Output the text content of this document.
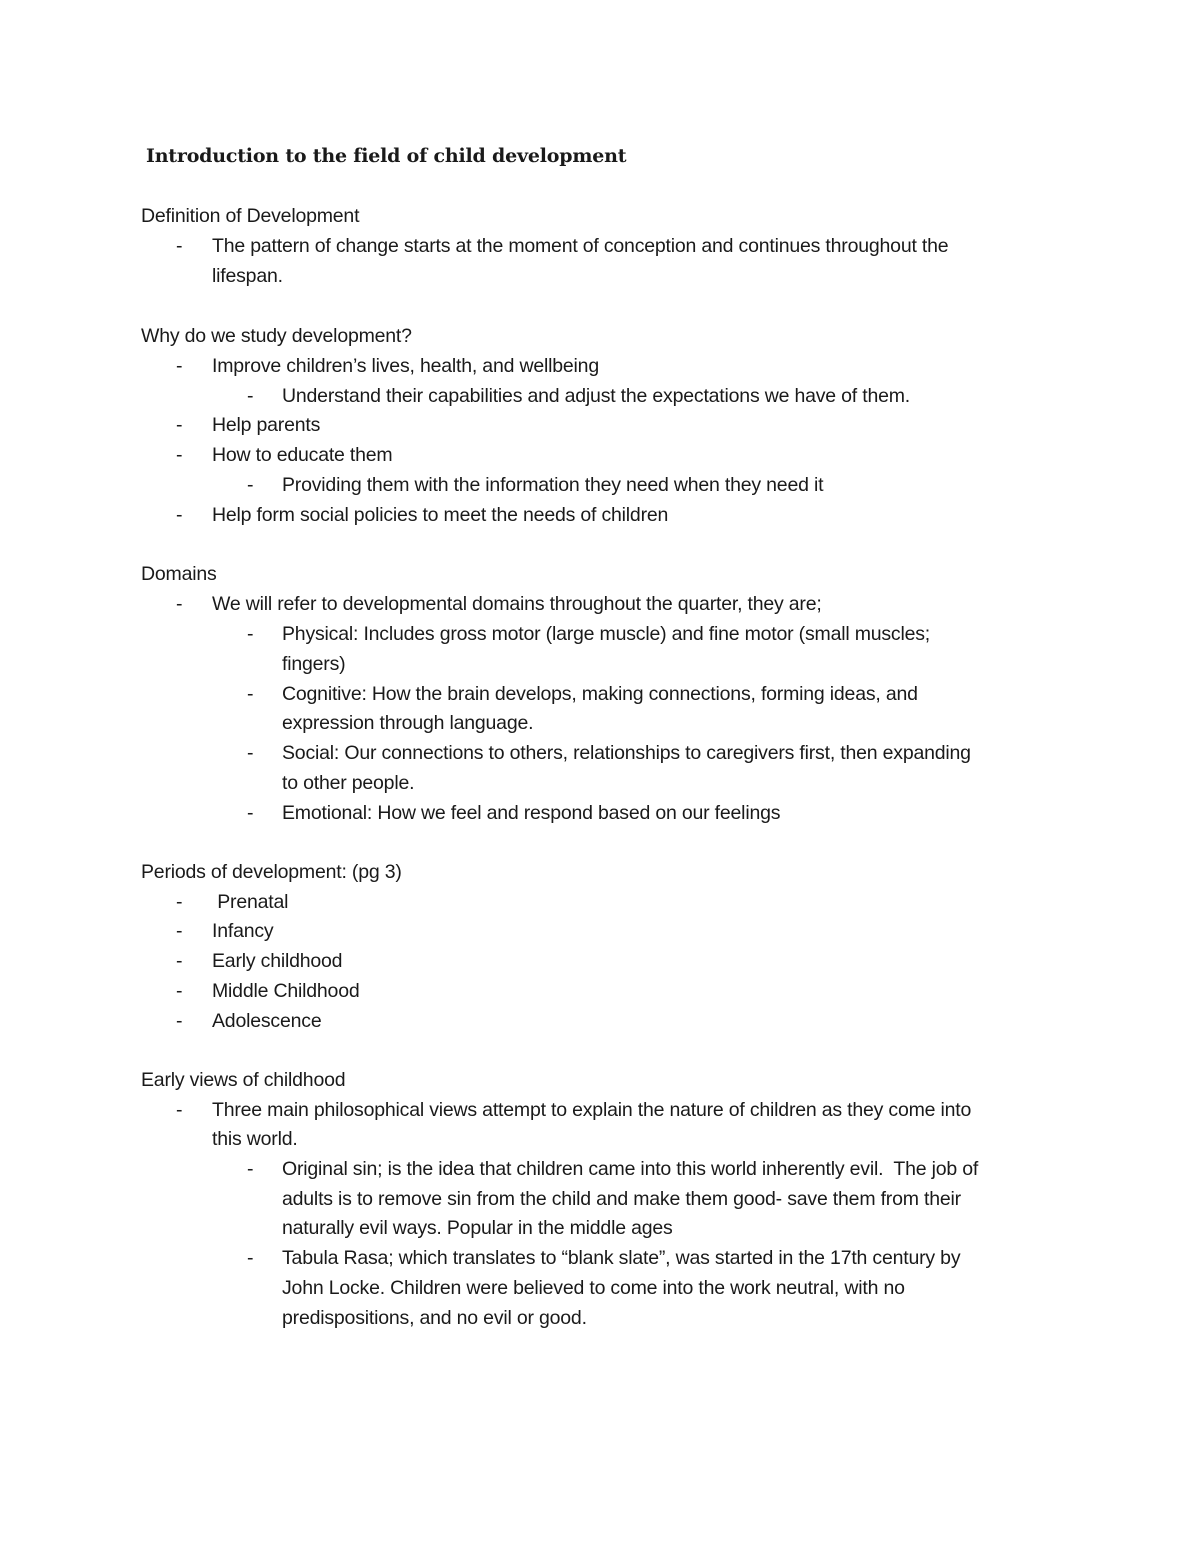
Introduction to the field of child development
Definition of Development
- The pattern of change starts at the moment of conception and continues throughout the
lifespan.
Why do we study development?
- Improve children’s lives, health, and wellbeing
- Understand their capabilities and adjust the expectations we have of them.
- Help parents
- How to educate them
- Providing them with the information they need when they need it
- Help form social policies to meet the needs of children
Domains
- We will refer to developmental domains throughout the quarter, they are;
- Physical: Includes gross motor (large muscle) and fine motor (small muscles;
fingers)
- Cognitive: How the brain develops, making connections, forming ideas, and
expression through language.
- Social: Our connections to others, relationships to caregivers first, then expanding
to other people.
- Emotional: How we feel and respond based on our feelings
Periods of development: (pg 3)
- Prenatal
- Infancy
- Early childhood
- Middle Childhood
- Adolescence
Early views of childhood
- Three main philosophical views attempt to explain the nature of children as they come into
this world.
- Original sin; is the idea that children came into this world inherently evil.  The job of
adults is to remove sin from the child and make them good- save them from their
naturally evil ways. Popular in the middle ages
- Tabula Rasa; which translates to “blank slate”, was started in the 17th century by
John Locke. Children were believed to come into the work neutral, with no
predispositions, and no evil or good.
